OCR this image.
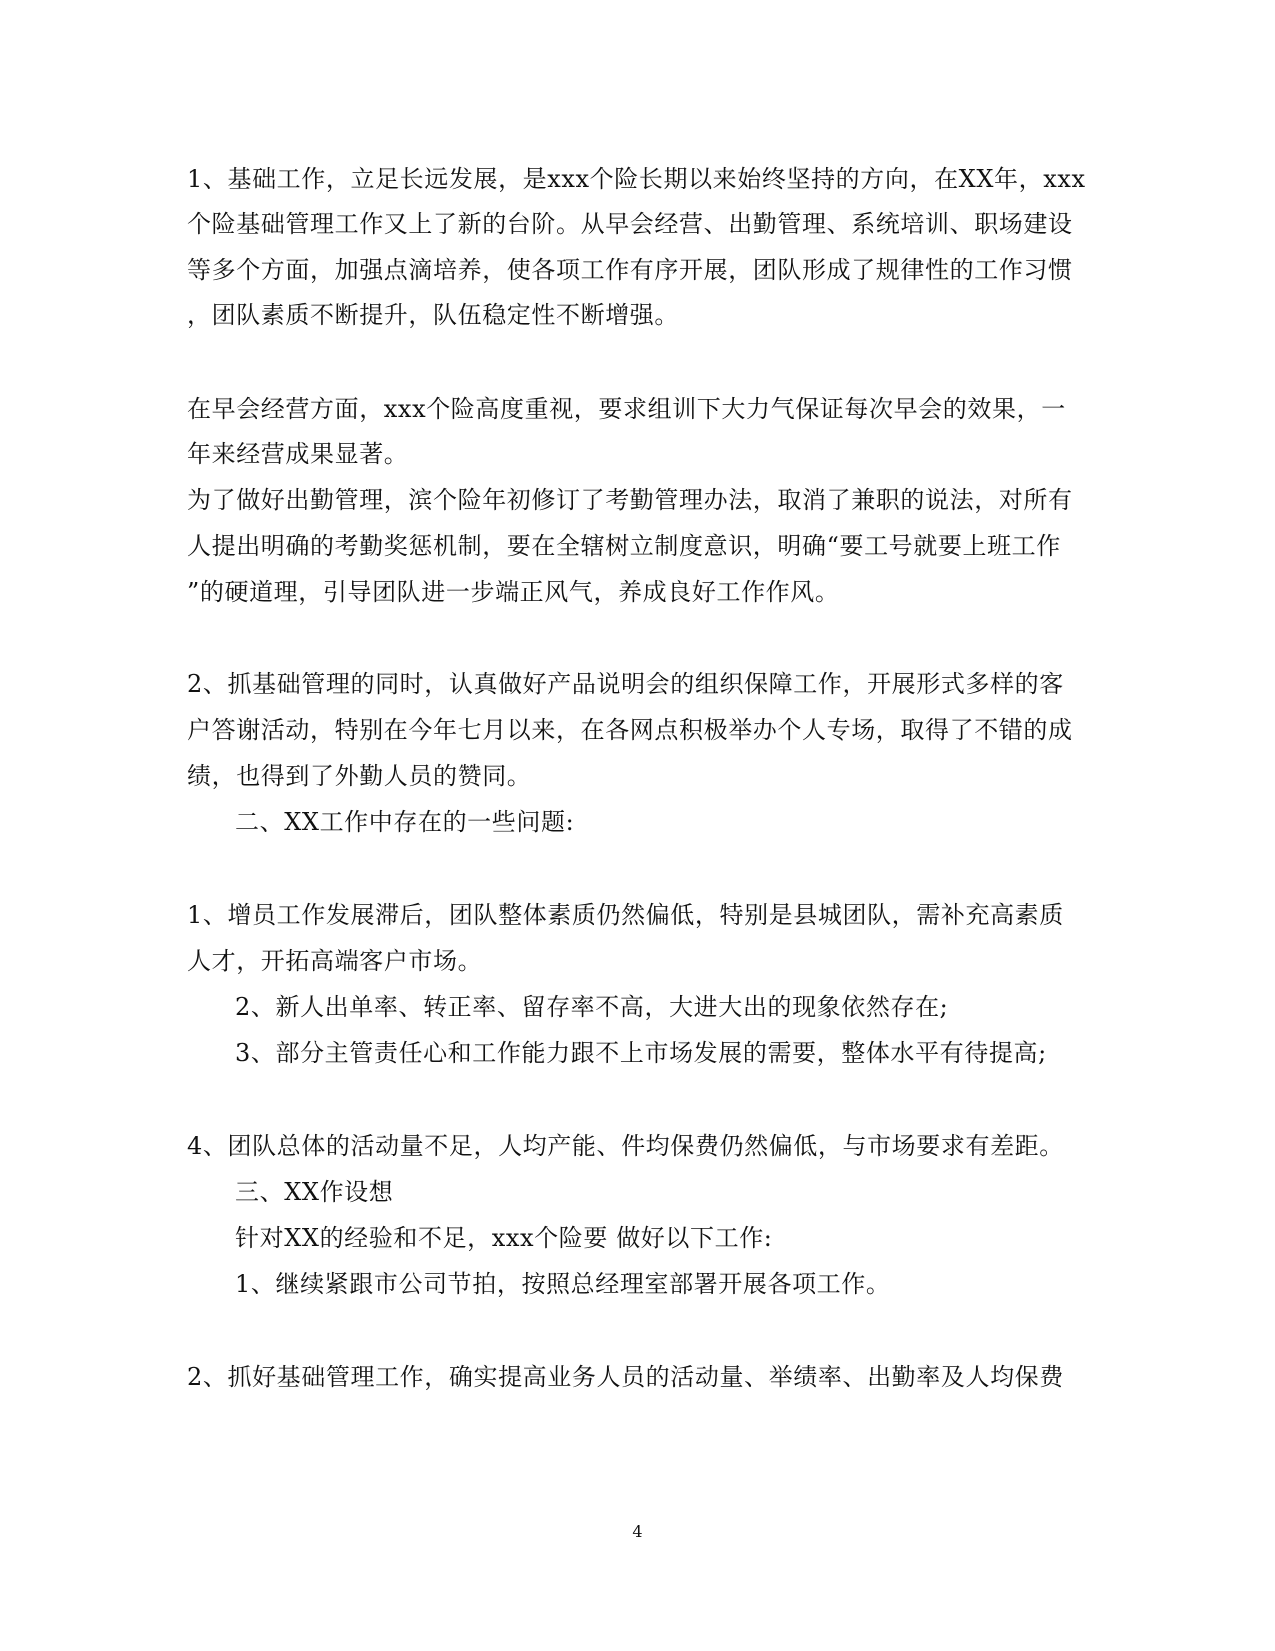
1、基础工作，立足长远发展，是xxx个险长期以来始终坚持的方向，在XX年，xxx
个险基础管理工作又上了新的台阶。从早会经营、出勤管理、系统培训、职场建设
等多个方面，加强点滴培养，使各项工作有序开展，团队形成了规律性的工作习惯
，团队素质不断提升，队伍稳定性不断增强。
在早会经营方面，xxx个险高度重视，要求组训下大力气保证每次早会的效果，一
年来经营成果显著。
为了做好出勤管理，滨个险年初修订了考勤管理办法，取消了兼职的说法，对所有
人提出明确的考勤奖惩机制，要在全辖树立制度意识，明确“要工号就要上班工作
”的硬道理，引导团队进一步端正风气，养成良好工作作风。
2、抓基础管理的同时，认真做好产品说明会的组织保障工作，开展形式多样的客
户答谢活动，特别在今年七月以来，在各网点积极举办个人专场，取得了不错的成
绩，也得到了外勤人员的赞同。
二、XX工作中存在的一些问题:
1、增员工作发展滞后，团队整体素质仍然偏低，特别是县城团队，需补充高素质
人才，开拓高端客户市场。
2、新人出单率、转正率、留存率不高，大进大出的现象依然存在;
3、部分主管责任心和工作能力跟不上市场发展的需要，整体水平有待提高;
4、团队总体的活动量不足，人均产能、件均保费仍然偏低，与市场要求有差距。
三、XX作设想
针对XX的经验和不足，xxx个险要 做好以下工作:
1、继续紧跟市公司节拍，按照总经理室部署开展各项工作。
2、抓好基础管理工作，确实提高业务人员的活动量、举绩率、出勤率及人均保费
4
